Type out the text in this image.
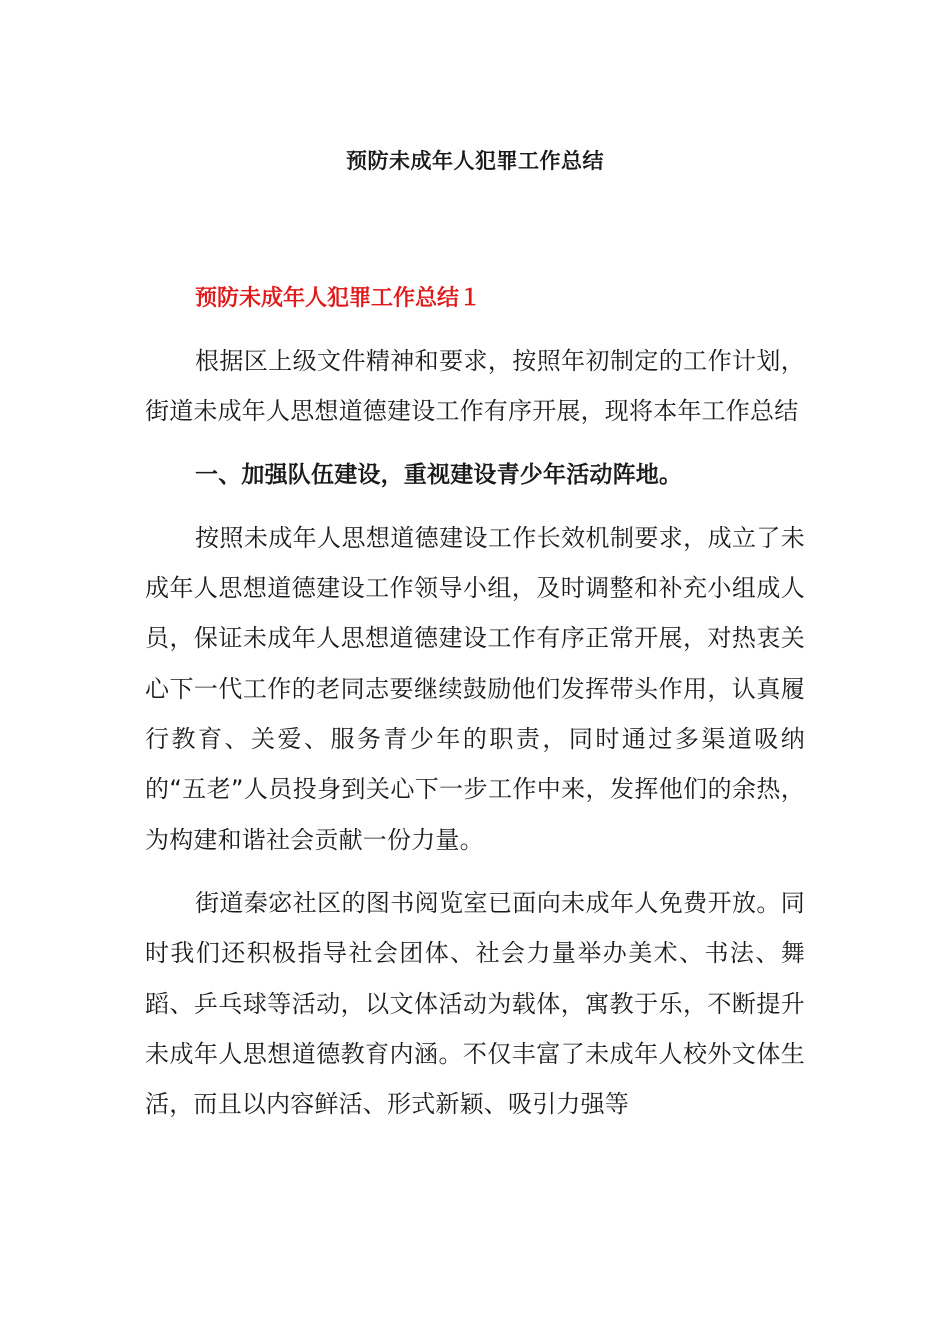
预防未成年人犯罪工作总结
预防未成年人犯罪工作总结１

根据区上级文件精神和要求，按照年初制定的工作计划，街道未成年人思想道德建设工作有序开展，现将本年工作总结

一、加强队伍建设，重视建设青少年活动阵地。

按照未成年人思想道德建设工作长效机制要求，成立了未成年人思想道德建设工作领导小组，及时调整和补充小组成人员，保证未成年人思想道德建设工作有序正常开展，对热衷关心下一代工作的老同志要继续鼓励他们发挥带头作用，认真履行教育、关爱、服务青少年的职责，同时通过多渠道吸纳的“五老”人员投身到关心下一步工作中来，发挥他们的余热，为构建和谐社会贡献一份力量。

街道秦宓社区的图书阅览室已面向未成年人免费开放。同时我们还积极指导社会团体、社会力量举办美术、书法、舞蹈、乒乓球等活动，以文体活动为载体，寓教于乐，不断提升未成年人思想道德教育内涵。不仅丰富了未成年人校外文体生活，而且以内容鲜活、形式新颖、吸引力强等
